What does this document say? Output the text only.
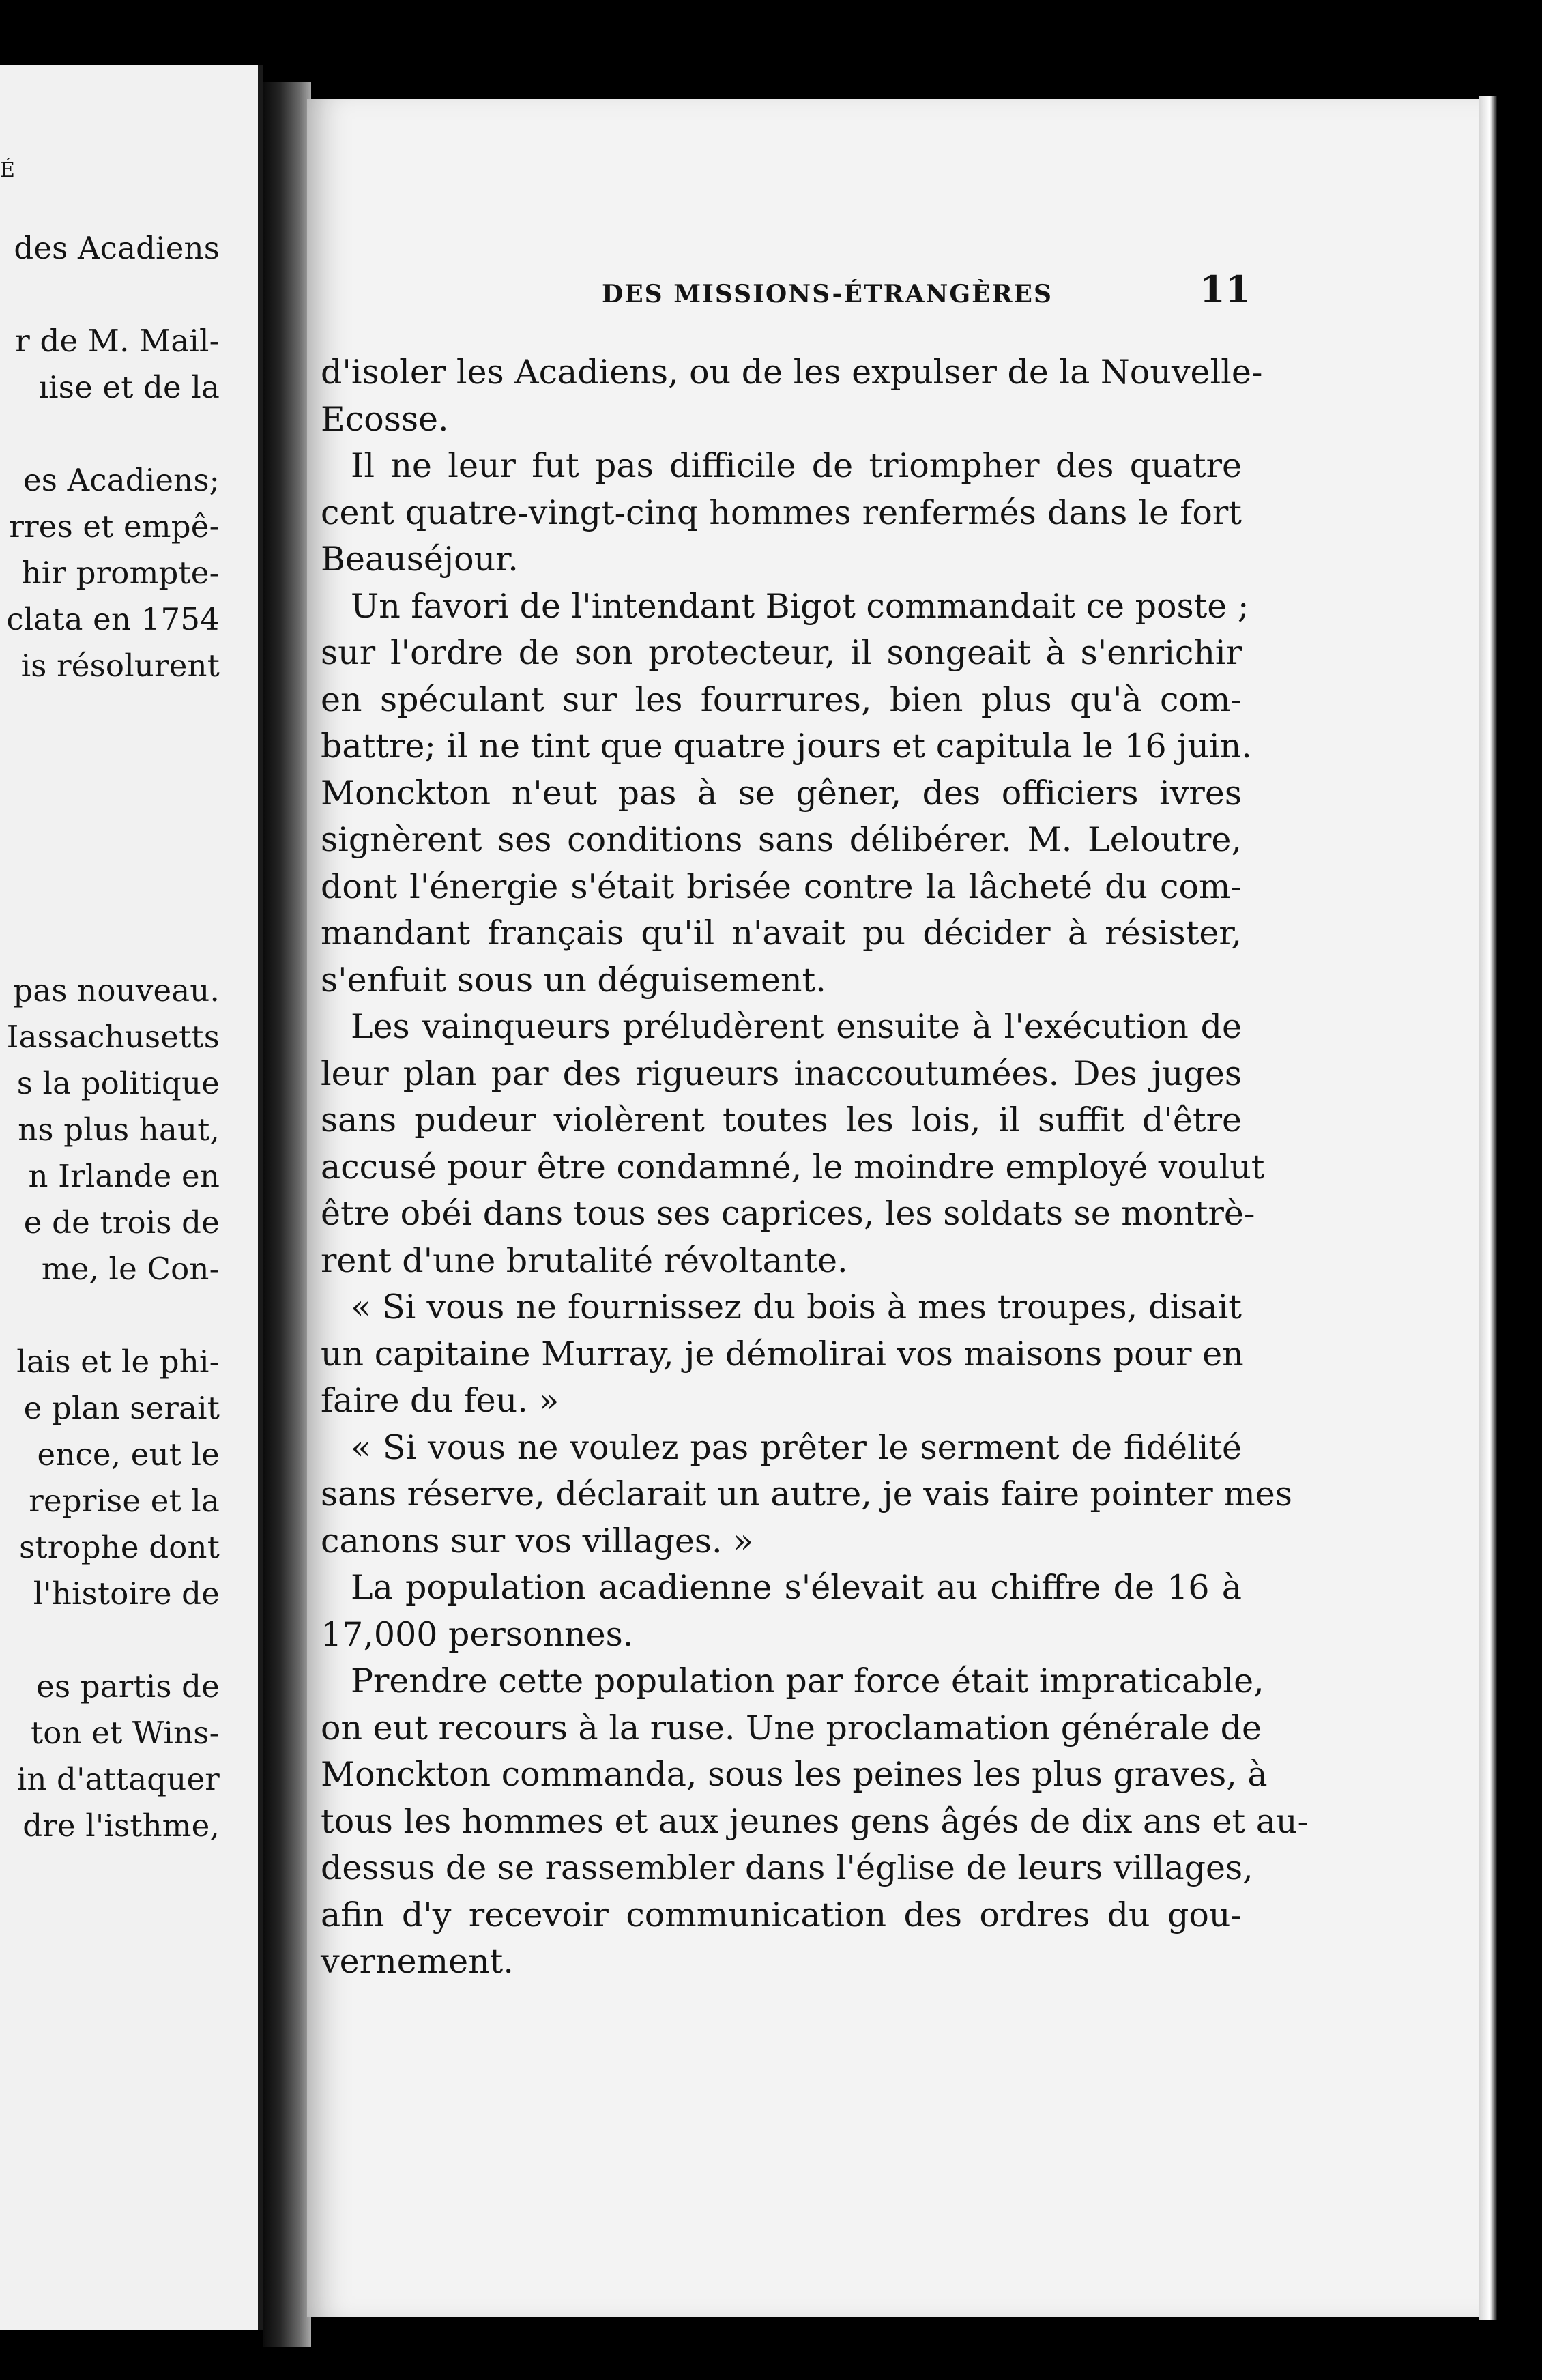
É
des Acadiens
r de M. Mail-
ıise et de la
es Acadiens;
rres et empê-
hir prompte-
clata en 1754
is résolurent
pas nouveau.
Iassachusetts
s la politique
ns plus haut,
n Irlande en
e de trois de
me, le Con-
lais et le phi-
e plan serait
ence, eut le
reprise et la
strophe dont
l'histoire de
es partis de
ton et Wins-
in d'attaquer
dre l'isthme,
DES MISSIONS-ÉTRANGÈRES	11
d'isoler les Acadiens, ou de les expulser de la Nouvelle-
Ecosse.
Il ne leur fut pas difficile de triompher des quatre
cent quatre-vingt-cinq hommes renfermés dans le fort
Beauséjour.
Un favori de l'intendant Bigot commandait ce poste ;
sur l'ordre de son protecteur, il songeait à s'enrichir
en spéculant sur les fourrures, bien plus qu'à com-
battre; il ne tint que quatre jours et capitula le 16 juin.
Monckton n'eut pas à se gêner, des officiers ivres
signèrent ses conditions sans délibérer. M. Leloutre,
dont l'énergie s'était brisée contre la lâcheté du com-
mandant français qu'il n'avait pu décider à résister,
s'enfuit sous un déguisement.
Les vainqueurs préludèrent ensuite à l'exécution de
leur plan par des rigueurs inaccoutumées. Des juges
sans pudeur violèrent toutes les lois, il suffit d'être
accusé pour être condamné, le moindre employé voulut
être obéi dans tous ses caprices, les soldats se montrè-
rent d'une brutalité révoltante.
« Si vous ne fournissez du bois à mes troupes, disait
un capitaine Murray, je démolirai vos maisons pour en
faire du feu. »
« Si vous ne voulez pas prêter le serment de fidélité
sans réserve, déclarait un autre, je vais faire pointer mes
canons sur vos villages. »
La population acadienne s'élevait au chiffre de 16 à
17,000 personnes.
Prendre cette population par force était impraticable,
on eut recours à la ruse. Une proclamation générale de
Monckton commanda, sous les peines les plus graves, à
tous les hommes et aux jeunes gens âgés de dix ans et au-
dessus de se rassembler dans l'église de leurs villages,
afin d'y recevoir communication des ordres du gou-
vernement.
